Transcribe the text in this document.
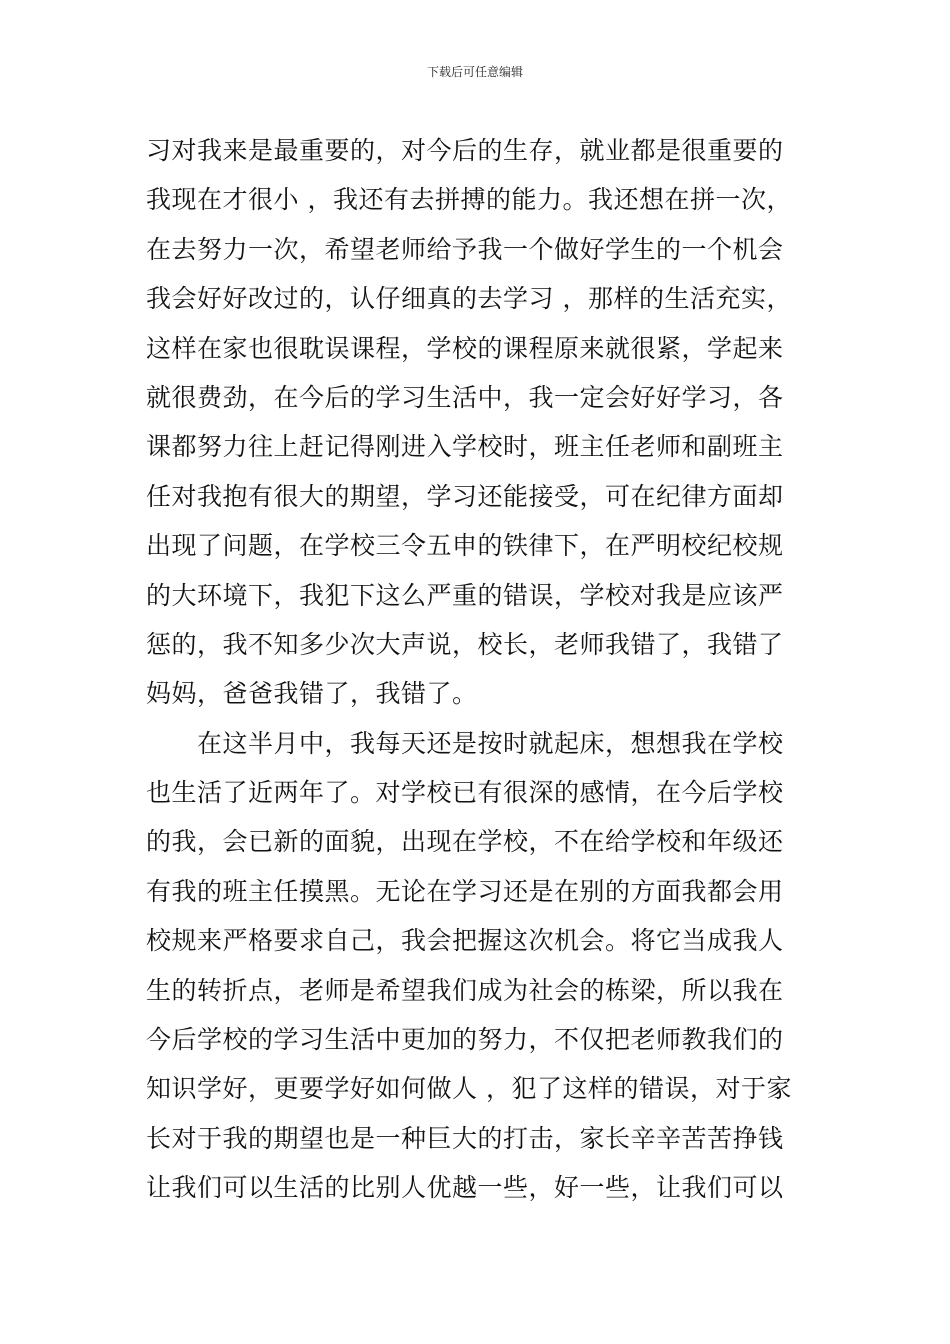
下载后可任意编辑
习对我来是最重要的，对今后的生存，就业都是很重要的
我现在才很小 ，我还有去拼搏的能力。我还想在拼一次，
在去努力一次，希望老师给予我一个做好学生的一个机会
我会好好改过的，认仔细真的去学习 ，那样的生活充实，
这样在家也很耽误课程，学校的课程原来就很紧，学起来
就很费劲，在今后的学习生活中，我一定会好好学习，各
课都努力往上赶记得刚进入学校时，班主任老师和副班主
任对我抱有很大的期望，学习还能接受，可在纪律方面却
出现了问题，在学校三令五申的铁律下，在严明校纪校规
的大环境下，我犯下这么严重的错误，学校对我是应该严
惩的，我不知多少次大声说，校长，老师我错了，我错了
妈妈，爸爸我错了，我错了。
　　在这半月中，我每天还是按时就起床，想想我在学校
也生活了近两年了。对学校已有很深的感情，在今后学校
的我，会已新的面貌，出现在学校，不在给学校和年级还
有我的班主任摸黑。无论在学习还是在别的方面我都会用
校规来严格要求自己，我会把握这次机会。将它当成我人
生的转折点，老师是希望我们成为社会的栋梁，所以我在
今后学校的学习生活中更加的努力，不仅把老师教我们的
知识学好，更要学好如何做人 ，犯了这样的错误，对于家
长对于我的期望也是一种巨大的打击，家长辛辛苦苦挣钱
让我们可以生活的比别人优越一些，好一些，让我们可以
